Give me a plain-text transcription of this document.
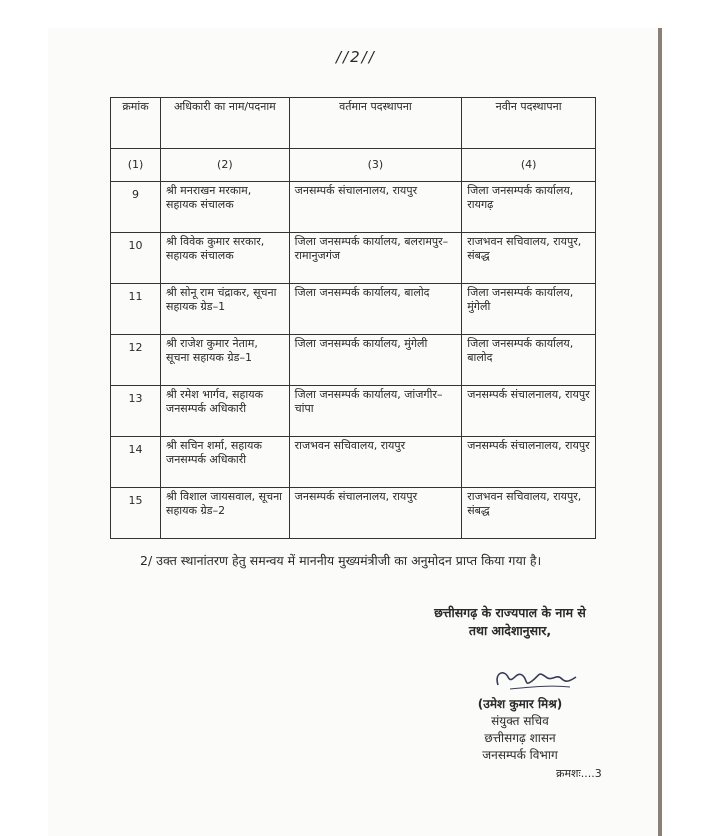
//2//
क्रमांक	अधिकारी का नाम/पदनाम	वर्तमान पदस्थापना	नवीन पदस्थापना
(1)	(2)	(3)	(4)
9	श्री मनराखन मरकाम, सहायक संचालक	जनसम्पर्क संचालनालय, रायपुर	जिला जनसम्पर्क कार्यालय, रायगढ़
10	श्री विवेक कुमार सरकार, सहायक संचालक	जिला जनसम्पर्क कार्यालय, बलरामपुर–रामानुजगंज	राजभवन सचिवालय, रायपुर, संबद्ध
11	श्री सोनू राम चंद्राकर, सूचना सहायक ग्रेड–1	जिला जनसम्पर्क कार्यालय, बालोद	जिला जनसम्पर्क कार्यालय, मुंगेली
12	श्री राजेश कुमार नेताम, सूचना सहायक ग्रेड–1	जिला जनसम्पर्क कार्यालय, मुंगेली	जिला जनसम्पर्क कार्यालय, बालोद
13	श्री रमेश भार्गव, सहायक जनसम्पर्क अधिकारी	जिला जनसम्पर्क कार्यालय, जांजगीर–चांपा	जनसम्पर्क संचालनालय, रायपुर
14	श्री सचिन शर्मा, सहायक जनसम्पर्क अधिकारी	राजभवन सचिवालय, रायपुर	जनसम्पर्क संचालनालय, रायपुर
15	श्री विशाल जायसवाल, सूचना सहायक ग्रेड–2	जनसम्पर्क संचालनालय, रायपुर	राजभवन सचिवालय, रायपुर, संबद्ध
2/ उक्त स्थानांतरण हेतु समन्वय में माननीय मुख्यमंत्रीजी का अनुमोदन प्राप्त किया गया है।
छत्तीसगढ़ के राज्यपाल के नाम से
तथा आदेशानुसार,
(उमेश कुमार मिश्र)
संयुक्त सचिव
छत्तीसगढ़ शासन
जनसम्पर्क विभाग
क्रमशः....3
